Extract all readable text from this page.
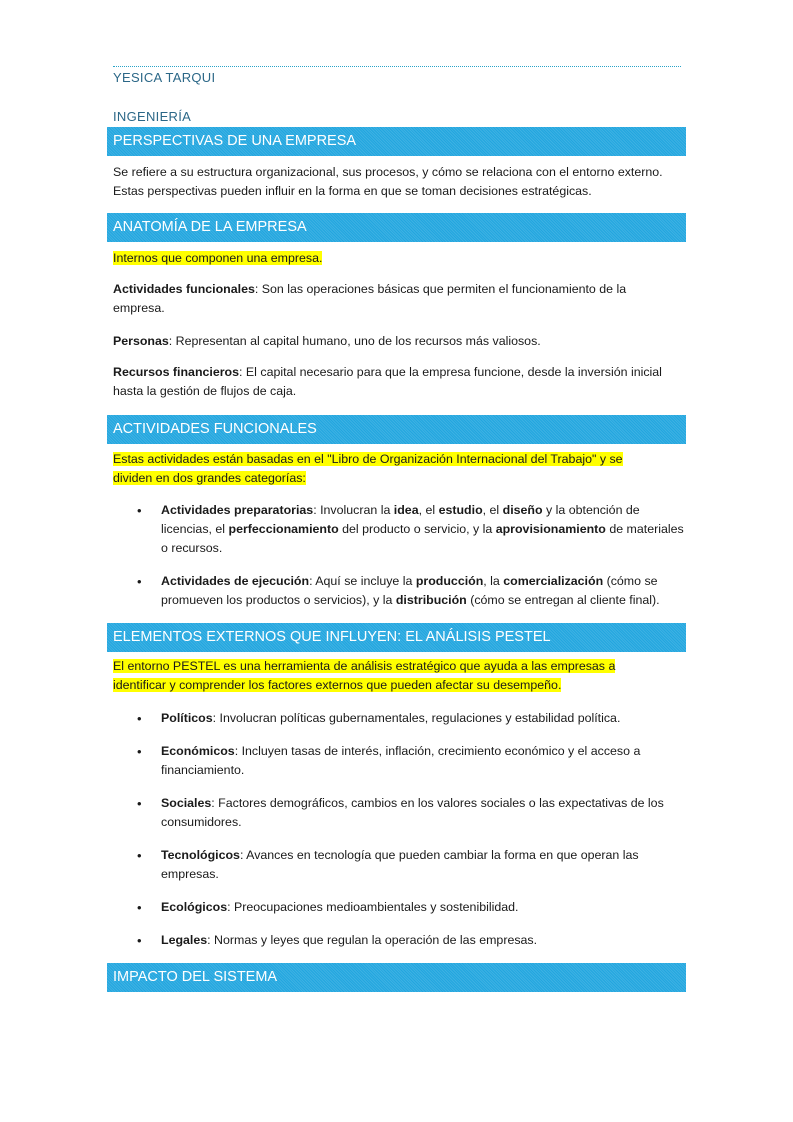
YESICA TARQUI
INGENIERÍA
PERSPECTIVAS DE UNA EMPRESA
Se refiere a su estructura organizacional, sus procesos, y cómo se relaciona con el entorno externo. Estas perspectivas pueden influir en la forma en que se toman decisiones estratégicas.
ANATOMÍA DE LA EMPRESA
Internos que componen una empresa.
Actividades funcionales: Son las operaciones básicas que permiten el funcionamiento de la empresa.
Personas: Representan al capital humano, uno de los recursos más valiosos.
Recursos financieros: El capital necesario para que la empresa funcione, desde la inversión inicial hasta la gestión de flujos de caja.
ACTIVIDADES FUNCIONALES
Estas actividades están basadas en el "Libro de Organización Internacional del Trabajo" y se dividen en dos grandes categorías:
• Actividades preparatorias: Involucran la idea, el estudio, el diseño y la obtención de licencias, el perfeccionamiento del producto o servicio, y la aprovisionamiento de materiales o recursos.
• Actividades de ejecución: Aquí se incluye la producción, la comercialización (cómo se promueven los productos o servicios), y la distribución (cómo se entregan al cliente final).
ELEMENTOS EXTERNOS QUE INFLUYEN: EL ANÁLISIS PESTEL
El entorno PESTEL es una herramienta de análisis estratégico que ayuda a las empresas a identificar y comprender los factores externos que pueden afectar su desempeño.
• Políticos: Involucran políticas gubernamentales, regulaciones y estabilidad política.
• Económicos: Incluyen tasas de interés, inflación, crecimiento económico y el acceso a financiamiento.
• Sociales: Factores demográficos, cambios en los valores sociales o las expectativas de los consumidores.
• Tecnológicos: Avances en tecnología que pueden cambiar la forma en que operan las empresas.
• Ecológicos: Preocupaciones medioambientales y sostenibilidad.
• Legales: Normas y leyes que regulan la operación de las empresas.
IMPACTO DEL SISTEMA
